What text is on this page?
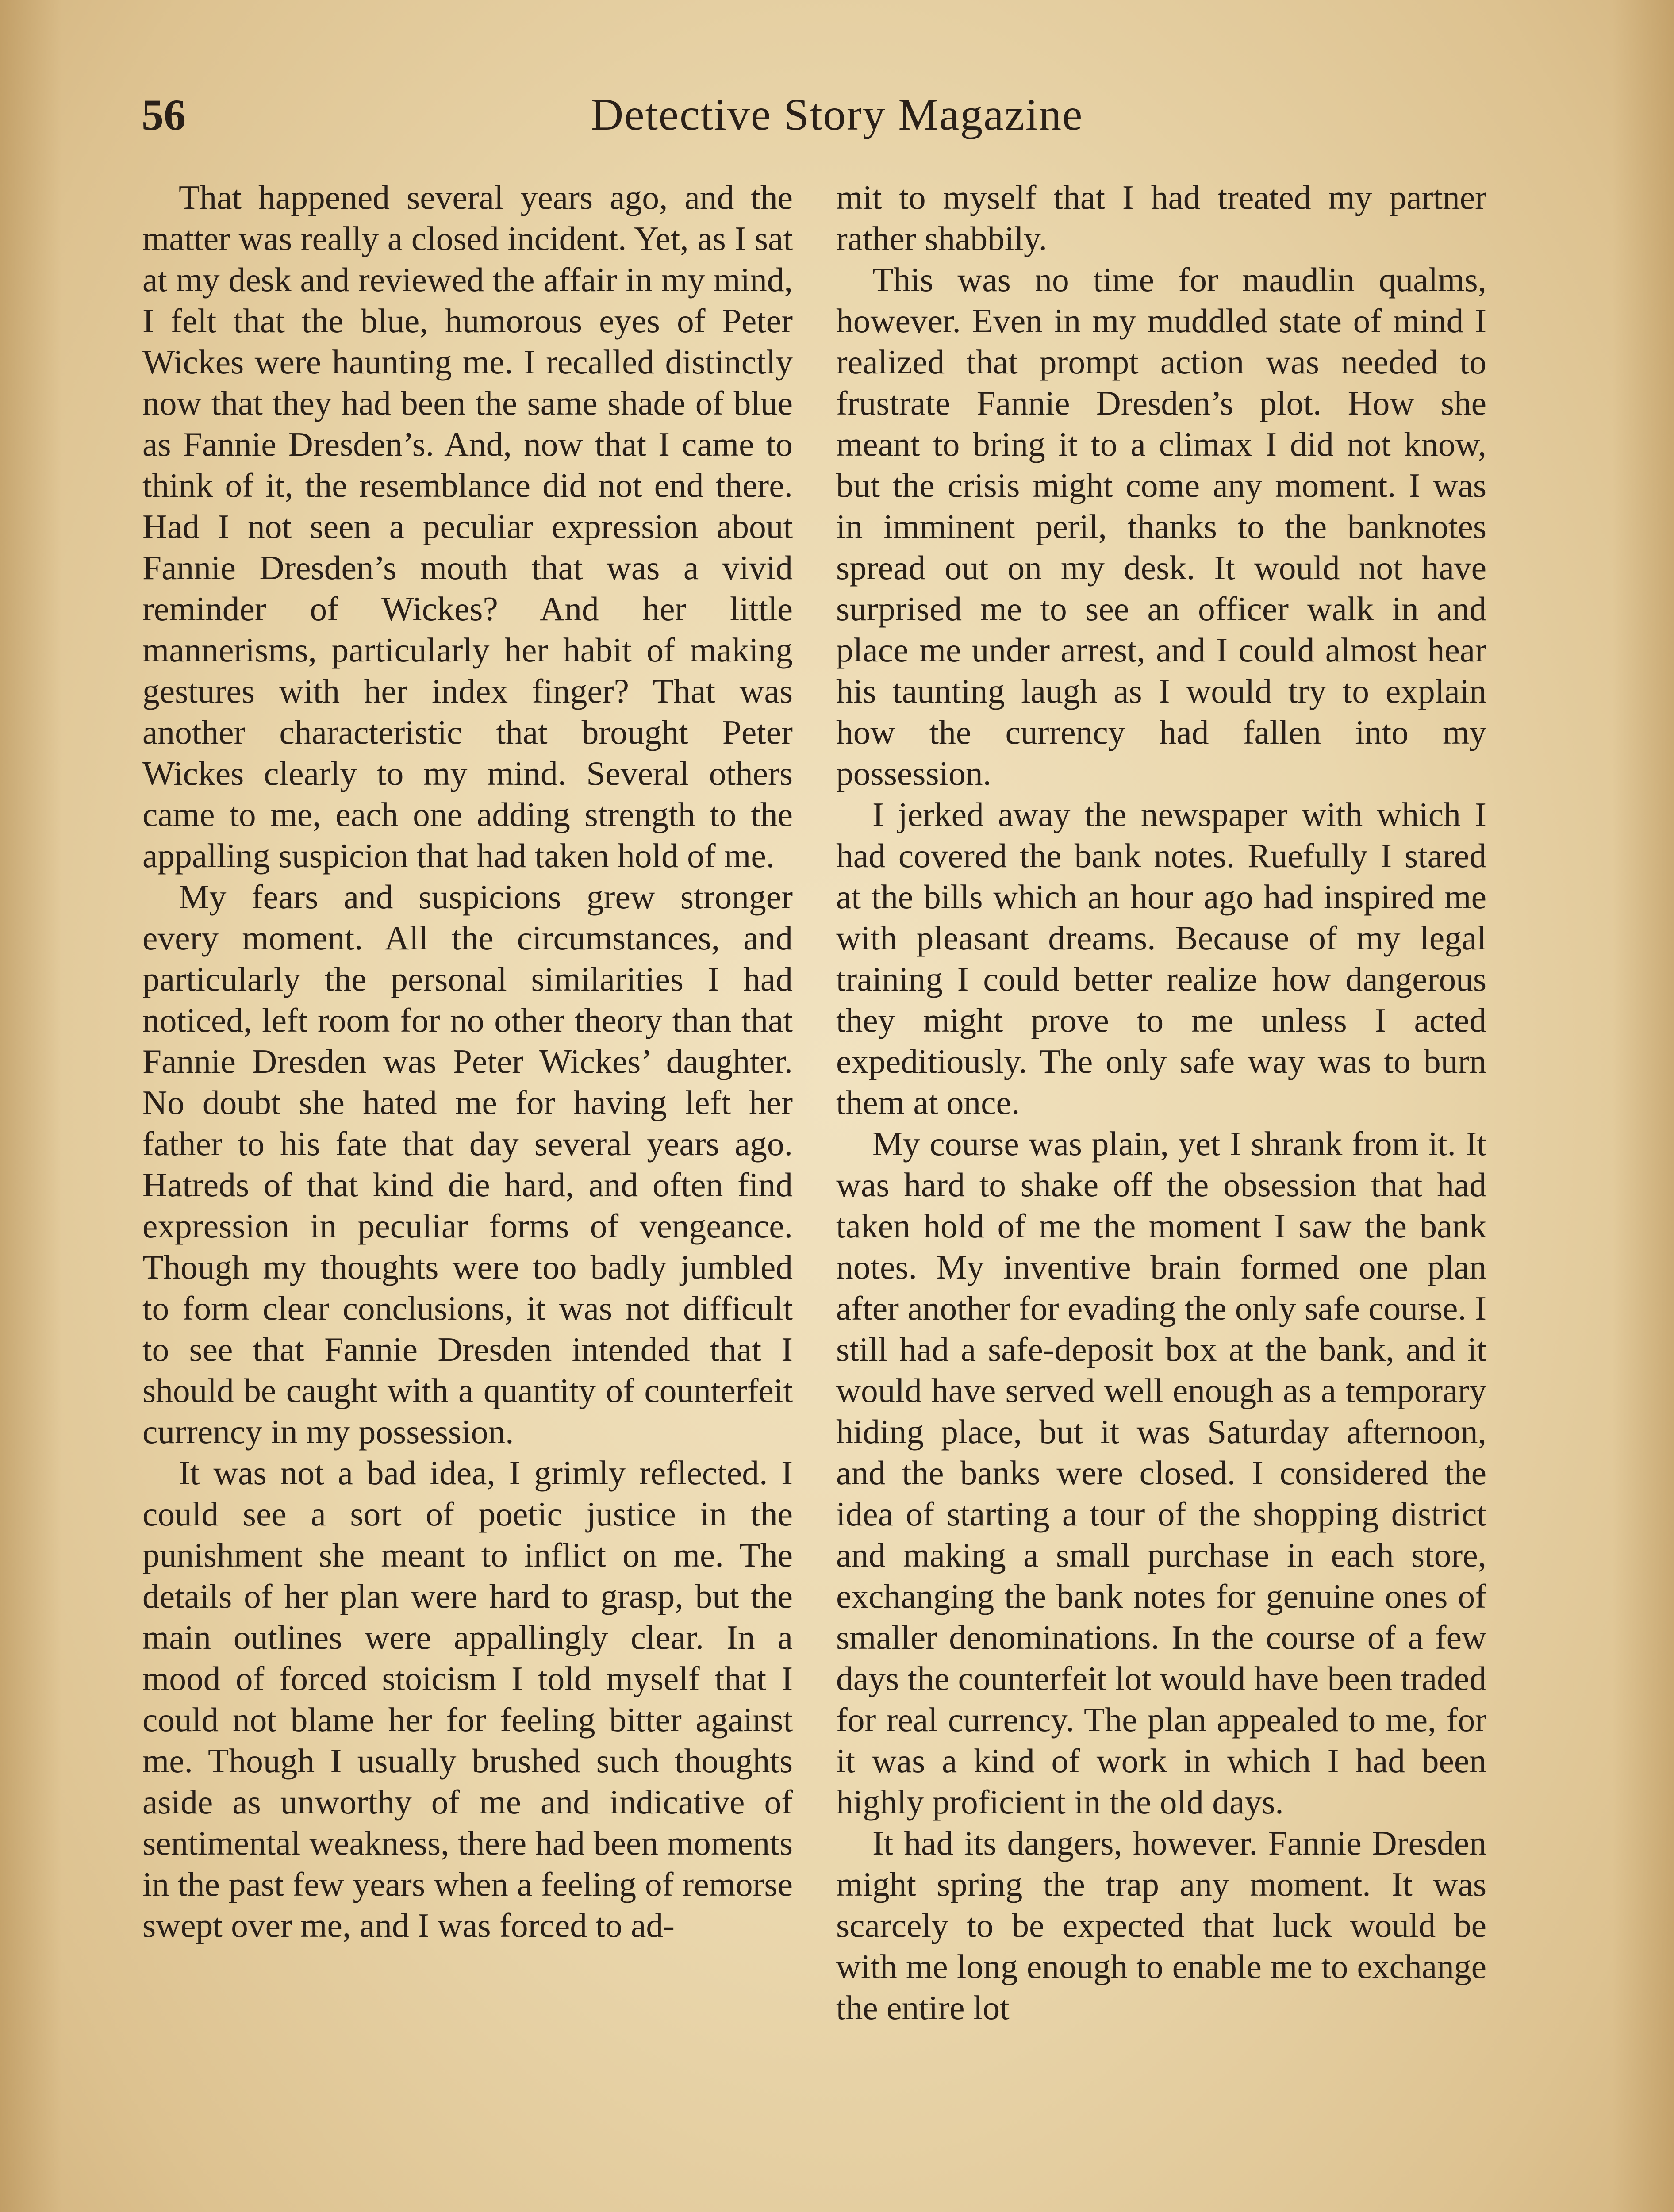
Detective Story Magazine
56

That happened several years ago, and the matter was really a closed incident. Yet, as I sat at my desk and reviewed the affair in my mind, I felt that the blue, humorous eyes of Peter Wickes were haunting me. I recalled distinctly now that they had been the same shade of blue as Fannie Dresden’s. And, now that I came to think of it, the resemblance did not end there. Had I not seen a peculiar expression about Fannie Dresden’s mouth that was a vivid reminder of Wickes? And her little mannerisms, particularly her habit of making gestures with her index finger? That was another characteristic that brought Peter Wickes clearly to my mind. Several others came to me, each one adding strength to the appalling suspicion that had taken hold of me.

My fears and suspicions grew stronger every moment. All the circumstances, and particularly the personal similarities I had noticed, left room for no other theory than that Fannie Dresden was Peter Wickes’ daughter. No doubt she hated me for having left her father to his fate that day several years ago. Hatreds of that kind die hard, and often find expression in peculiar forms of vengeance. Though my thoughts were too badly jumbled to form clear conclusions, it was not difficult to see that Fannie Dresden intended that I should be caught with a quantity of counterfeit currency in my possession.

It was not a bad idea, I grimly reflected. I could see a sort of poetic justice in the punishment she meant to inflict on me. The details of her plan were hard to grasp, but the main outlines were appallingly clear. In a mood of forced stoicism I told myself that I could not blame her for feeling bitter against me. Though I usually brushed such thoughts aside as unworthy of me and indicative of sentimental weakness, there had been moments in the past few years when a feeling of remorse swept over me, and I was forced to ad-

mit to myself that I had treated my partner rather shabbily.

This was no time for maudlin qualms, however. Even in my muddled state of mind I realized that prompt action was needed to frustrate Fannie Dresden’s plot. How she meant to bring it to a climax I did not know, but the crisis might come any moment. I was in imminent peril, thanks to the banknotes spread out on my desk. It would not have surprised me to see an officer walk in and place me under arrest, and I could almost hear his taunting laugh as I would try to explain how the currency had fallen into my possession.

I jerked away the newspaper with which I had covered the bank notes. Ruefully I stared at the bills which an hour ago had inspired me with pleasant dreams. Because of my legal training I could better realize how dangerous they might prove to me unless I acted expeditiously. The only safe way was to burn them at once.

My course was plain, yet I shrank from it. It was hard to shake off the obsession that had taken hold of me the moment I saw the bank notes. My inventive brain formed one plan after another for evading the only safe course. I still had a safe-deposit box at the bank, and it would have served well enough as a temporary hiding place, but it was Saturday afternoon, and the banks were closed. I considered the idea of starting a tour of the shopping district and making a small purchase in each store, exchanging the bank notes for genuine ones of smaller denominations. In the course of a few days the counterfeit lot would have been traded for real currency. The plan appealed to me, for it was a kind of work in which I had been highly proficient in the old days.

It had its dangers, however. Fannie Dresden might spring the trap any moment. It was scarcely to be expected that luck would be with me long enough to enable me to exchange the entire lot
